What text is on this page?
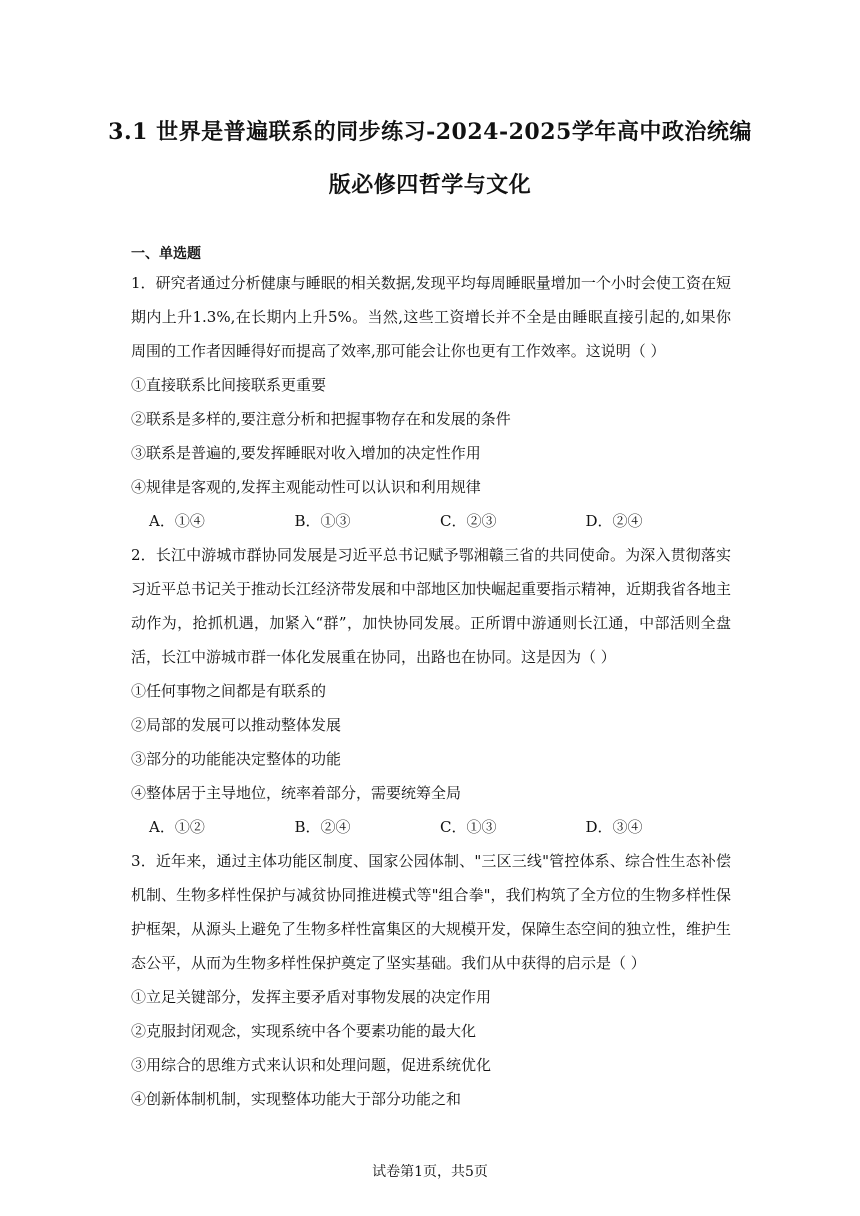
3.1 世界是普遍联系的同步练习-2024-2025学年高中政治统编
版必修四哲学与文化
一、单选题

1．研究者通过分析健康与睡眠的相关数据,发现平均每周睡眠量增加一个小时会使工资在短期内上升1.3%,在长期内上升5%。当然,这些工资增长并不全是由睡眠直接引起的,如果你周围的工作者因睡得好而提高了效率,那可能会让你也更有工作效率。这说明（ ）

①直接联系比间接联系更重要

②联系是多样的,要注意分析和把握事物存在和发展的条件

③联系是普遍的,要发挥睡眠对收入增加的决定性作用

④规律是客观的,发挥主观能动性可以认识和利用规律

A．①④	B．①③	C．②③	D．②④

2．长江中游城市群协同发展是习近平总书记赋予鄂湘赣三省的共同使命。为深入贯彻落实习近平总书记关于推动长江经济带发展和中部地区加快崛起重要指示精神，近期我省各地主动作为，抢抓机遇，加紧入“群”，加快协同发展。正所谓中游通则长江通，中部活则全盘活，长江中游城市群一体化发展重在协同，出路也在协同。这是因为（ ）

①任何事物之间都是有联系的

②局部的发展可以推动整体发展

③部分的功能能决定整体的功能

④整体居于主导地位，统率着部分，需要统筹全局

A．①②	B．②④	C．①③	D．③④

3．近年来，通过主体功能区制度、国家公园体制、"三区三线"管控体系、综合性生态补偿机制、生物多样性保护与减贫协同推进模式等"组合拳"，我们构筑了全方位的生物多样性保护框架，从源头上避免了生物多样性富集区的大规模开发，保障生态空间的独立性，维护生态公平，从而为生物多样性保护奠定了坚实基础。我们从中获得的启示是（ ）

①立足关键部分，发挥主要矛盾对事物发展的决定作用

②克服封闭观念，实现系统中各个要素功能的最大化

③用综合的思维方式来认识和处理问题，促进系统优化

④创新体制机制，实现整体功能大于部分功能之和

试卷第1页，共5页
